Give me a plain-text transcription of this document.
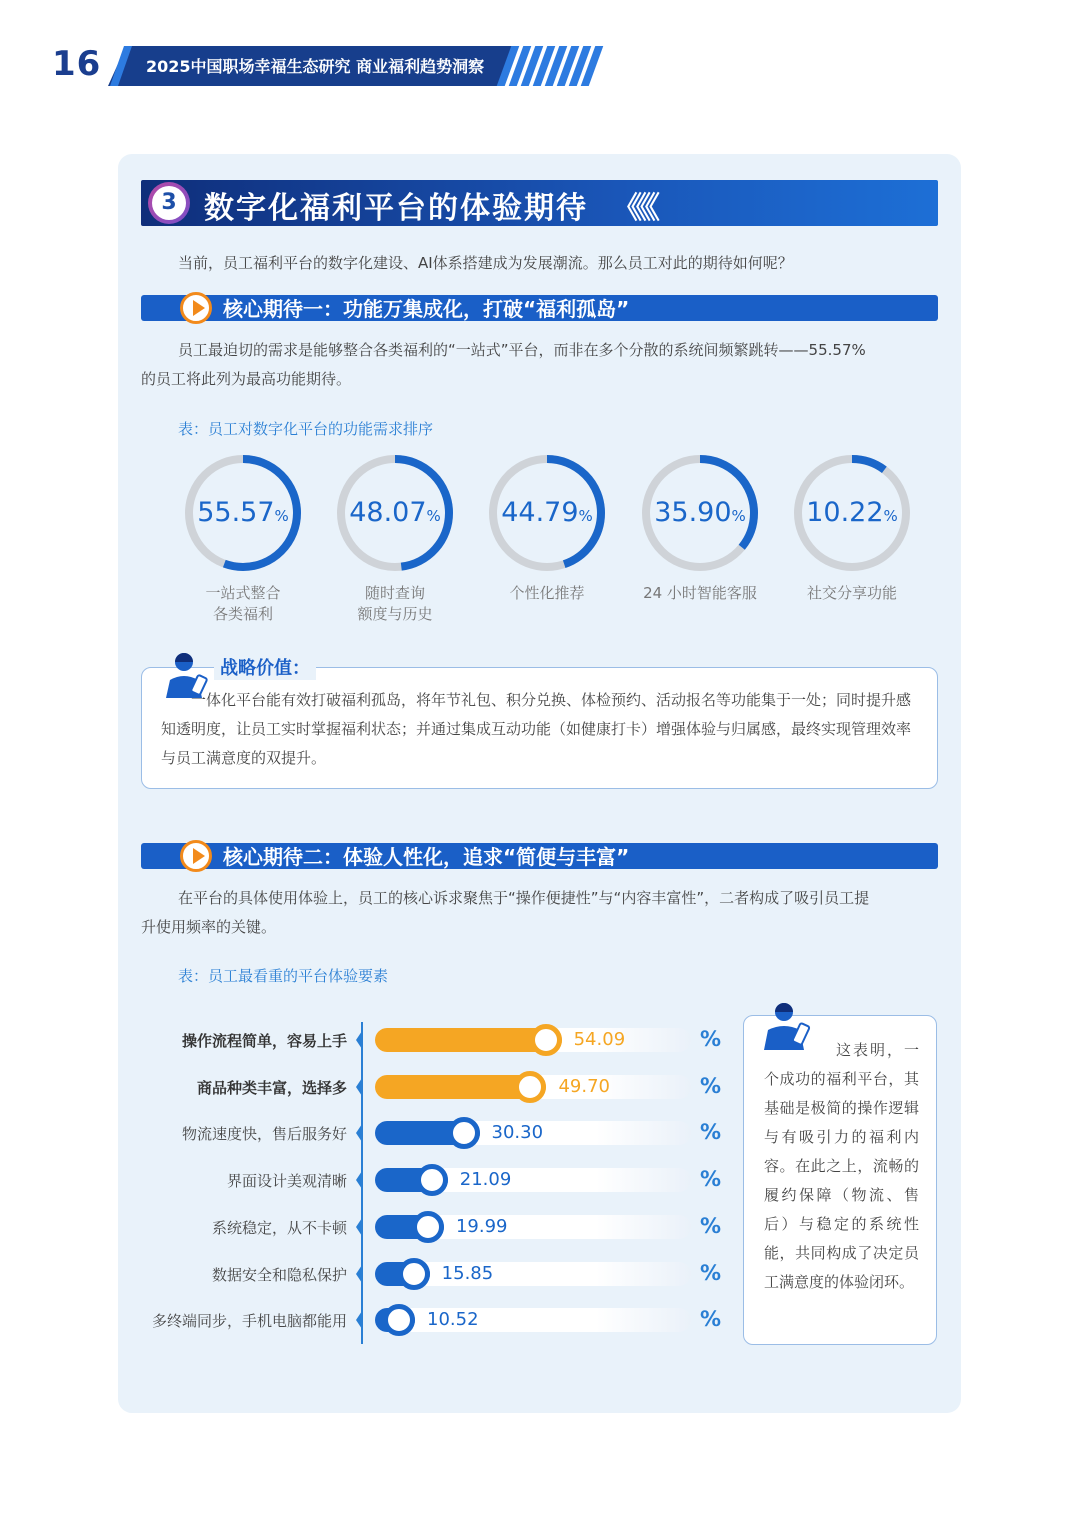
16	2025中国职场幸福生态研究 商业福利趋势洞察
3 数字化福利平台的体验期待 《《《
当前，员工福利平台的数字化建设、AI体系搭建成为发展潮流。那么员工对此的期待如何呢？
核心期待一：功能万集成化，打破“福利孤岛”
员工最迫切的需求是能够整合各类福利的“一站式”平台，而非在多个分散的系统间频繁跳转——55.57%
的员工将此列为最高功能期待。
表：员工对数字化平台的功能需求排序
55.57%
一站式整合
各类福利
48.07%
随时查询
额度与历史
44.79%
个性化推荐
35.90%
24 小时智能客服
10.22%
社交分享功能
战略价值：
一体化平台能有效打破福利孤岛，将年节礼包、积分兑换、体检预约、活动报名等功能集于一处；同时提升感知透明度，让员工实时掌握福利状态；并通过集成互动功能（如健康打卡）增强体验与归属感，最终实现管理效率与员工满意度的双提升。
核心期待二：体验人性化，追求“简便与丰富”
在平台的具体使用体验上，员工的核心诉求聚焦于“操作便捷性”与“内容丰富性”，二者构成了吸引员工提
升使用频率的关键。
表：员工最看重的平台体验要素
操作流程简单，容易上手	54.09	%
商品种类丰富，选择多	49.70	%
物流速度快，售后服务好	30.30	%
界面设计美观清晰	21.09	%
系统稳定，从不卡顿	19.99	%
数据安全和隐私保护	15.85	%
多终端同步，手机电脑都能用	10.52	%
这表明，一个成功的福利平台，其基础是极简的操作逻辑与有吸引力的福利内容。在此之上，流畅的履约保障（物流、售后）与稳定的系统性能，共同构成了决定员工满意度的体验闭环。
